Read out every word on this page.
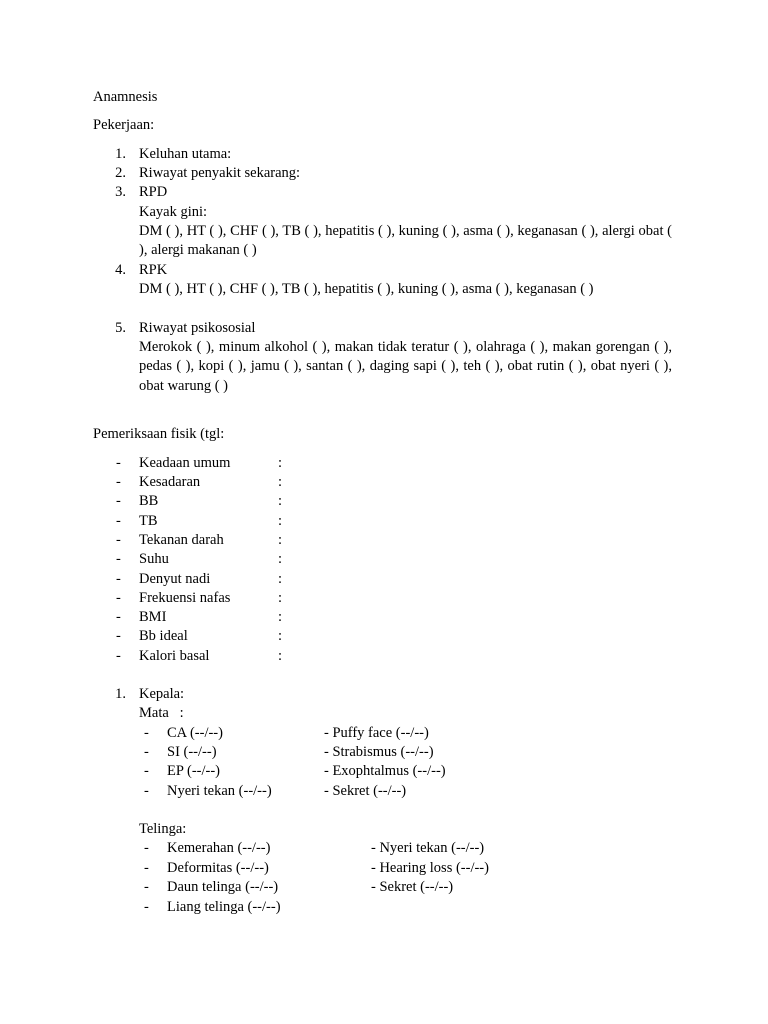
Anamnesis
Pekerjaan:
1. Keluhan utama:
2. Riwayat penyakit sekarang:
3. RPD
Kayak gini:
DM ( ), HT ( ), CHF ( ), TB ( ), hepatitis ( ), kuning ( ), asma ( ), keganasan ( ), alergi obat ( ), alergi makanan ( )
4. RPK
DM ( ), HT ( ), CHF ( ), TB ( ), hepatitis ( ), kuning ( ), asma ( ), keganasan ( )
5. Riwayat psikososial
Merokok ( ), minum alkohol ( ), makan tidak teratur ( ), olahraga ( ), makan gorengan ( ), pedas ( ), kopi ( ), jamu ( ), santan ( ), daging sapi ( ), teh ( ), obat rutin ( ), obat nyeri ( ), obat warung ( )
Pemeriksaan fisik (tgl:
- Keadaan umum	:
- Kesadaran	:
- BB	:
- TB	:
- Tekanan darah	:
- Suhu	:
- Denyut nadi	:
- Frekuensi nafas	:
- BMI	:
- Bb ideal	:
- Kalori basal	:
1. Kepala:
Mata   :
- CA (--/--)	- Puffy face (--/--)
- SI (--/--)	- Strabismus (--/--)
- EP (--/--)	- Exophtalmus (--/--)
- Nyeri tekan (--/--)	- Sekret (--/--)
Telinga:
- Kemerahan (--/--)	- Nyeri tekan (--/--)
- Deformitas (--/--)	- Hearing loss (--/--)
- Daun telinga (--/--)	- Sekret (--/--)
- Liang telinga (--/--)
